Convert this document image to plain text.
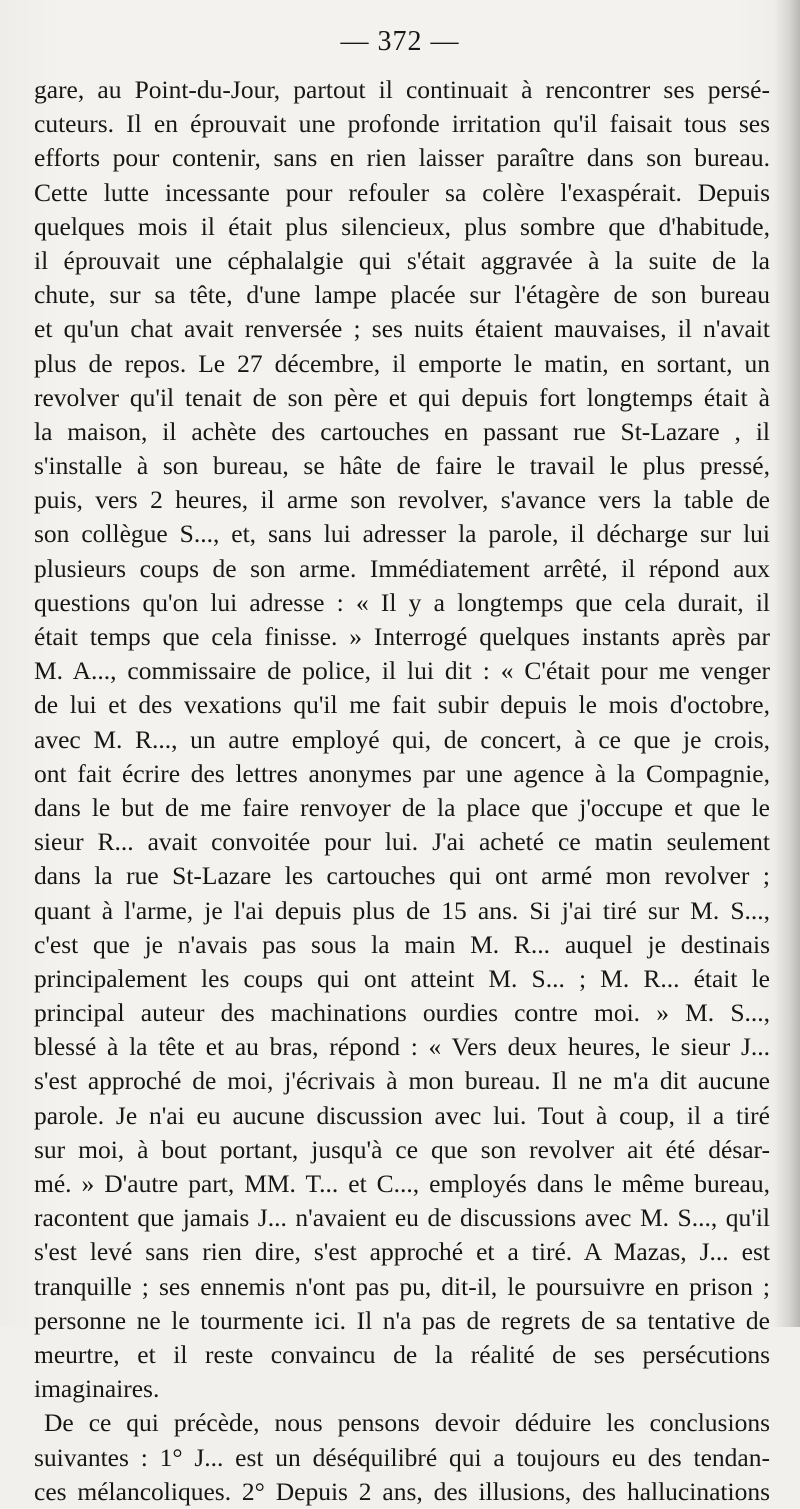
— 372 —
gare, au Point-du-Jour, partout il continuait à rencontrer ses persé-
cuteurs. Il en éprouvait une profonde irritation qu'il faisait tous ses
efforts pour contenir, sans en rien laisser paraître dans son bureau.
Cette lutte incessante pour refouler sa colère l'exaspérait. Depuis
quelques mois il était plus silencieux, plus sombre que d'habitude,
il éprouvait une céphalalgie qui s'était aggravée à la suite de la
chute, sur sa tête, d'une lampe placée sur l'étagère de son bureau
et qu'un chat avait renversée ; ses nuits étaient mauvaises, il n'avait
plus de repos. Le 27 décembre, il emporte le matin, en sortant, un
revolver qu'il tenait de son père et qui depuis fort longtemps était à
la maison, il achète des cartouches en passant rue St-Lazare , il
s'installe à son bureau, se hâte de faire le travail le plus pressé,
puis, vers 2 heures, il arme son revolver, s'avance vers la table de
son collègue S..., et, sans lui adresser la parole, il décharge sur lui
plusieurs coups de son arme. Immédiatement arrêté, il répond aux
questions qu'on lui adresse : « Il y a longtemps que cela durait, il
était temps que cela finisse. » Interrogé quelques instants après par
M. A..., commissaire de police, il lui dit : « C'était pour me venger
de lui et des vexations qu'il me fait subir depuis le mois d'octobre,
avec M. R..., un autre employé qui, de concert, à ce que je crois,
ont fait écrire des lettres anonymes par une agence à la Compagnie,
dans le but de me faire renvoyer de la place que j'occupe et que le
sieur R... avait convoitée pour lui. J'ai acheté ce matin seulement
dans la rue St-Lazare les cartouches qui ont armé mon revolver ;
quant à l'arme, je l'ai depuis plus de 15 ans. Si j'ai tiré sur M. S...,
c'est que je n'avais pas sous la main M. R... auquel je destinais
principalement les coups qui ont atteint M. S... ; M. R... était le
principal auteur des machinations ourdies contre moi. » M. S...,
blessé à la tête et au bras, répond : « Vers deux heures, le sieur J...
s'est approché de moi, j'écrivais à mon bureau. Il ne m'a dit aucune
parole. Je n'ai eu aucune discussion avec lui. Tout à coup, il a tiré
sur moi, à bout portant, jusqu'à ce que son revolver ait été désar-
mé. » D'autre part, MM. T... et C..., employés dans le même bureau,
racontent que jamais J... n'avaient eu de discussions avec M. S..., qu'il
s'est levé sans rien dire, s'est approché et a tiré. A Mazas, J... est
tranquille ; ses ennemis n'ont pas pu, dit-il, le poursuivre en prison ;
personne ne le tourmente ici. Il n'a pas de regrets de sa tentative de
meurtre, et il reste convaincu de la réalité de ses persécutions
imaginaires.
De ce qui précède, nous pensons devoir déduire les conclusions
suivantes : 1° J... est un déséquilibré qui a toujours eu des tendan-
ces mélancoliques. 2° Depuis 2 ans, des illusions, des hallucinations
